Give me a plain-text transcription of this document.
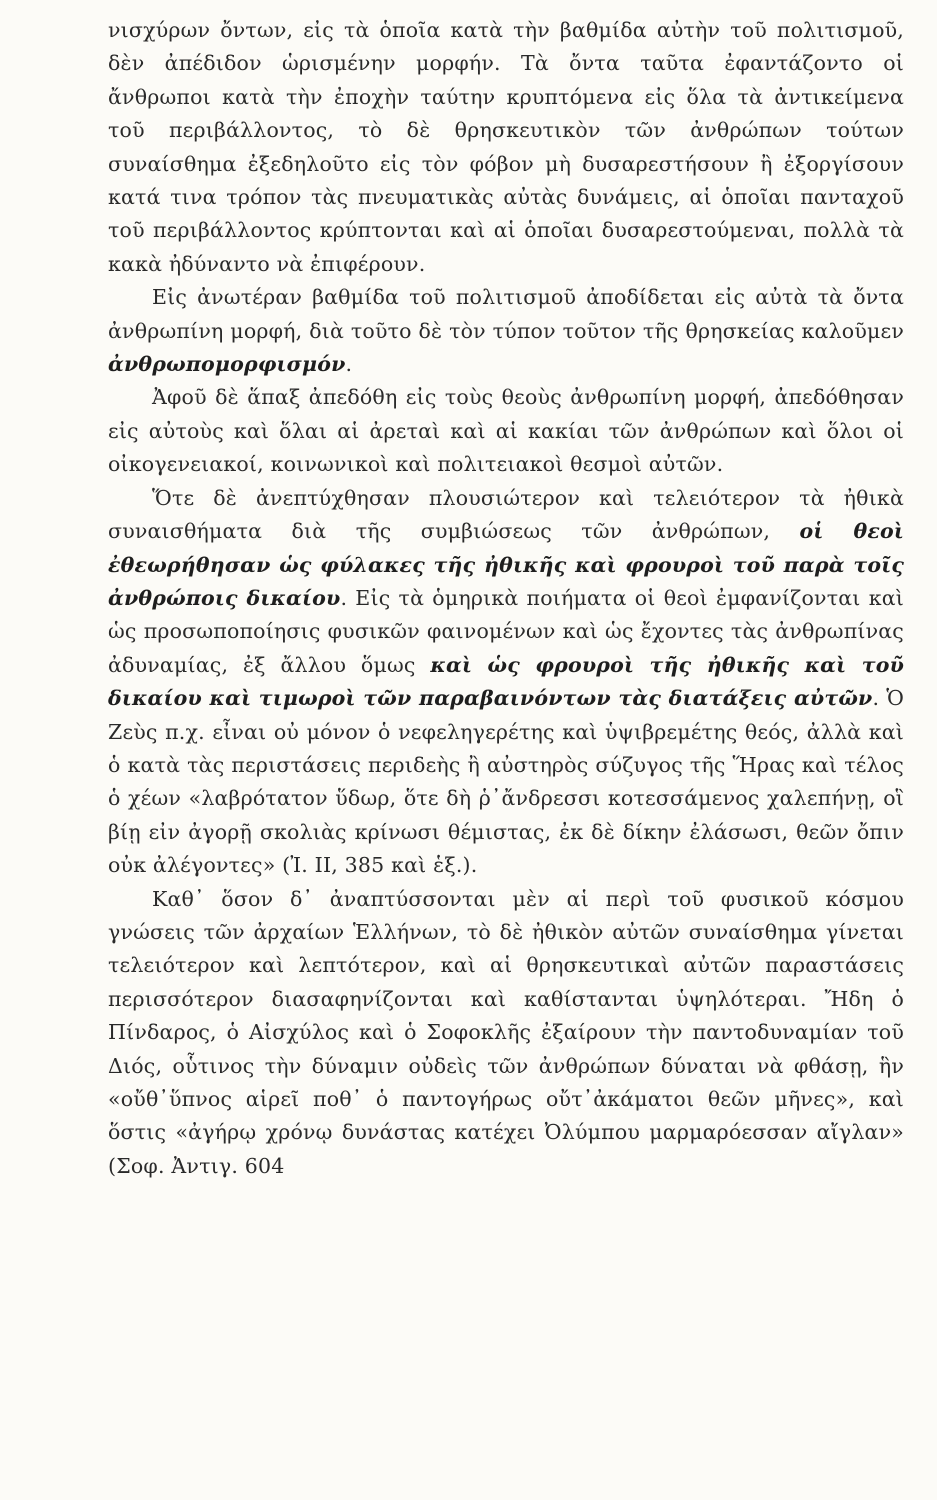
νισχύρων ὄντων, εἰς τὰ ὁποῖα κατὰ τὴν βαθμίδα αὐτὴν τοῦ πολιτισμοῦ, δὲν ἀπέδιδον ὡρισμένην μορφήν. Τὰ ὄντα ταῦτα ἐφαντάζοντο οἱ ἄνθρωποι κατὰ τὴν ἐποχὴν ταύτην κρυπτόμενα εἰς ὅλα τὰ ἀντικείμενα τοῦ περιβάλλοντος, τὸ δὲ θρησκευτικὸν τῶν ἀνθρώπων τούτων συναίσθημα ἐξεδηλοῦτο εἰς τὸν φόβον μὴ δυσαρεστήσουν ἢ ἐξοργίσουν κατά τινα τρόπον τὰς πνευματικὰς αὐτὰς δυνάμεις, αἱ ὁποῖαι πανταχοῦ τοῦ περιβάλλοντος κρύπτονται καὶ αἱ ὁποῖαι δυσαρεστούμεναι, πολλὰ τὰ κακὰ ἠδύναντο νὰ ἐπιφέρουν.

Εἰς ἀνωτέραν βαθμίδα τοῦ πολιτισμοῦ ἀποδίδεται εἰς αὐτὰ τὰ ὄντα ἀνθρωπίνη μορφή, διὰ τοῦτο δὲ τὸν τύπον τοῦτον τῆς θρησκείας καλοῦμεν ἀνθρωπομορφισμόν.

Ἀφοῦ δὲ ἅπαξ ἀπεδόθη εἰς τοὺς θεοὺς ἀνθρωπίνη μορφή, ἀπεδόθησαν εἰς αὐτοὺς καὶ ὅλαι αἱ ἀρεταὶ καὶ αἱ κακίαι τῶν ἀνθρώπων καὶ ὅλοι οἱ οἰκογενειακοί, κοινωνικοὶ καὶ πολιτειακοὶ θεσμοὶ αὐτῶν.

Ὅτε δὲ ἀνεπτύχθησαν πλουσιώτερον καὶ τελειότερον τὰ ἠθικὰ συναισθήματα διὰ τῆς συμβιώσεως τῶν ἀνθρώπων, οἱ θεοὶ ἐθεωρήθησαν ὡς φύλακες τῆς ἠθικῆς καὶ φρουροὶ τοῦ παρὰ τοῖς ἀνθρώποις δικαίου. Εἰς τὰ ὁμηρικὰ ποιήματα οἱ θεοὶ ἐμφανίζονται καὶ ὡς προσωποποίησις φυσικῶν φαινομένων καὶ ὡς ἔχοντες τὰς ἀνθρωπίνας ἀδυναμίας, ἐξ ἄλλου ὅμως καὶ ὡς φρουροὶ τῆς ἠθικῆς καὶ τοῦ δικαίου καὶ τιμωροὶ τῶν παραβαινόντων τὰς διατάξεις αὐτῶν. Ὁ Ζεὺς π.χ. εἶναι οὐ μόνον ὁ νεφεληγερέτης καὶ ὑψιβρεμέτης θεός, ἀλλὰ καὶ ὁ κατὰ τὰς περιστάσεις περιδεὴς ἢ αὐστηρὸς σύζυγος τῆς Ἥρας καὶ τέλος ὁ χέων «λαβρότατον ὕδωρ, ὅτε δὴ ῥ᾽ἄνδρεσσι κοτεσσάμενος χαλεπήνῃ, οἳ βίῃ εἰν ἀγορῇ σκολιὰς κρίνωσι θέμιστας, ἐκ δὲ δίκην ἐλάσωσι, θεῶν ὄπιν οὐκ ἀλέγοντες» (Ἰ. ΙΙ, 385 καὶ ἑξ.).

Καθ᾽ ὅσον δ᾽ ἀναπτύσσονται μὲν αἱ περὶ τοῦ φυσικοῦ κόσμου γνώσεις τῶν ἀρχαίων Ἑλλήνων, τὸ δὲ ἠθικὸν αὐτῶν συναίσθημα γίνεται τελειότερον καὶ λεπτότερον, καὶ αἱ θρησκευτικαὶ αὐτῶν παραστάσεις περισσότερον διασαφηνίζονται καὶ καθίστανται ὑψηλότεραι. Ἤδη ὁ Πίνδαρος, ὁ Αἰσχύλος καὶ ὁ Σοφοκλῆς ἐξαίρουν τὴν παντοδυναμίαν τοῦ Διός, οὗτινος τὴν δύναμιν οὐδεὶς τῶν ἀνθρώπων δύναται νὰ φθάσῃ, ἣν «οὔθ᾽ὕπνος αἱρεῖ ποθ᾽ ὁ παντογήρως οὔτ᾽ἀκάματοι θεῶν μῆνες», καὶ ὅστις «ἀγήρῳ χρόνῳ δυνάστας κατέχει Ὀλύμπου μαρμαρόεσσαν αἴγλαν» (Σοφ. Ἀντιγ. 604
